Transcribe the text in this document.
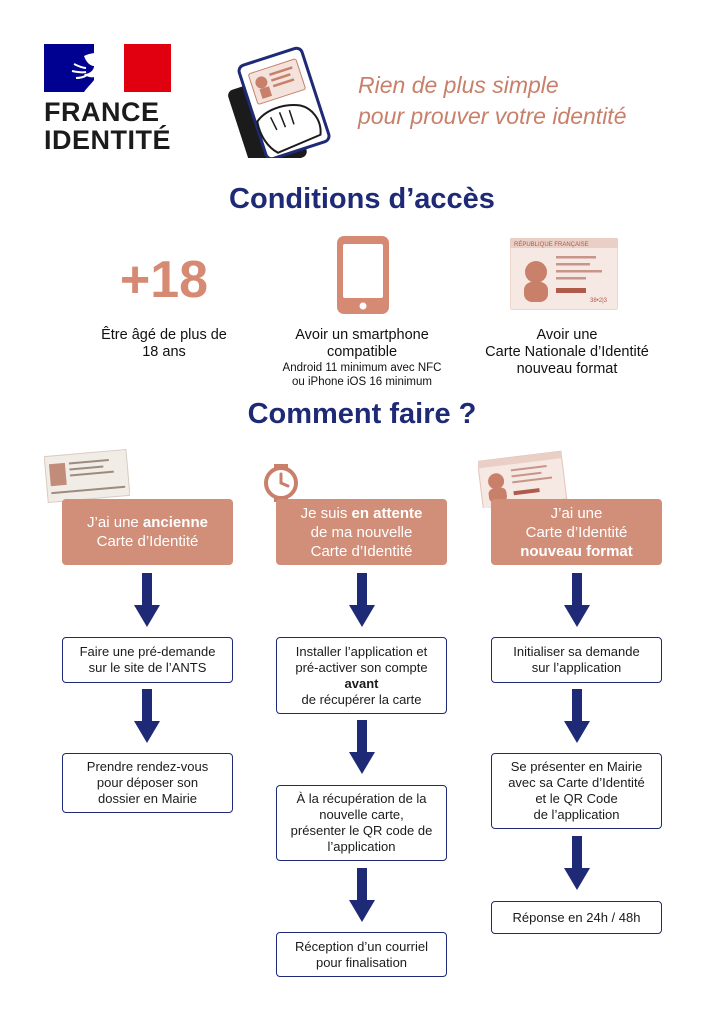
FRANCE
IDENTITÉ
Rien de plus simple
pour prouver votre identité
Conditions d’accès
+18
Être âgé de plus de
18 ans
Avoir un smartphone
compatible
Android 11 minimum avec NFC
ou iPhone iOS 16 minimum
RÉPUBLIQUE FRANÇAISE
38•2|3
Avoir une
Carte Nationale d’Identité
nouveau format
Comment faire ?
J’ai une ancienne
Carte d’Identité
Je suis en attente
de ma nouvelle
Carte d’Identité
J’ai une
Carte d’Identité
nouveau format
Faire une pré-demande
sur le site de l’ANTS
Prendre rendez-vous
pour déposer son
dossier en Mairie
Installer l’application et
pré-activer son compte
avant
de récupérer la carte
À la récupération de la
nouvelle carte,
présenter le QR code de
l’application
Réception d’un courriel
pour finalisation
Initialiser sa demande
sur l’application
Se présenter en Mairie
avec sa Carte d’Identité
et le QR Code
de l’application
Réponse en 24h / 48h
